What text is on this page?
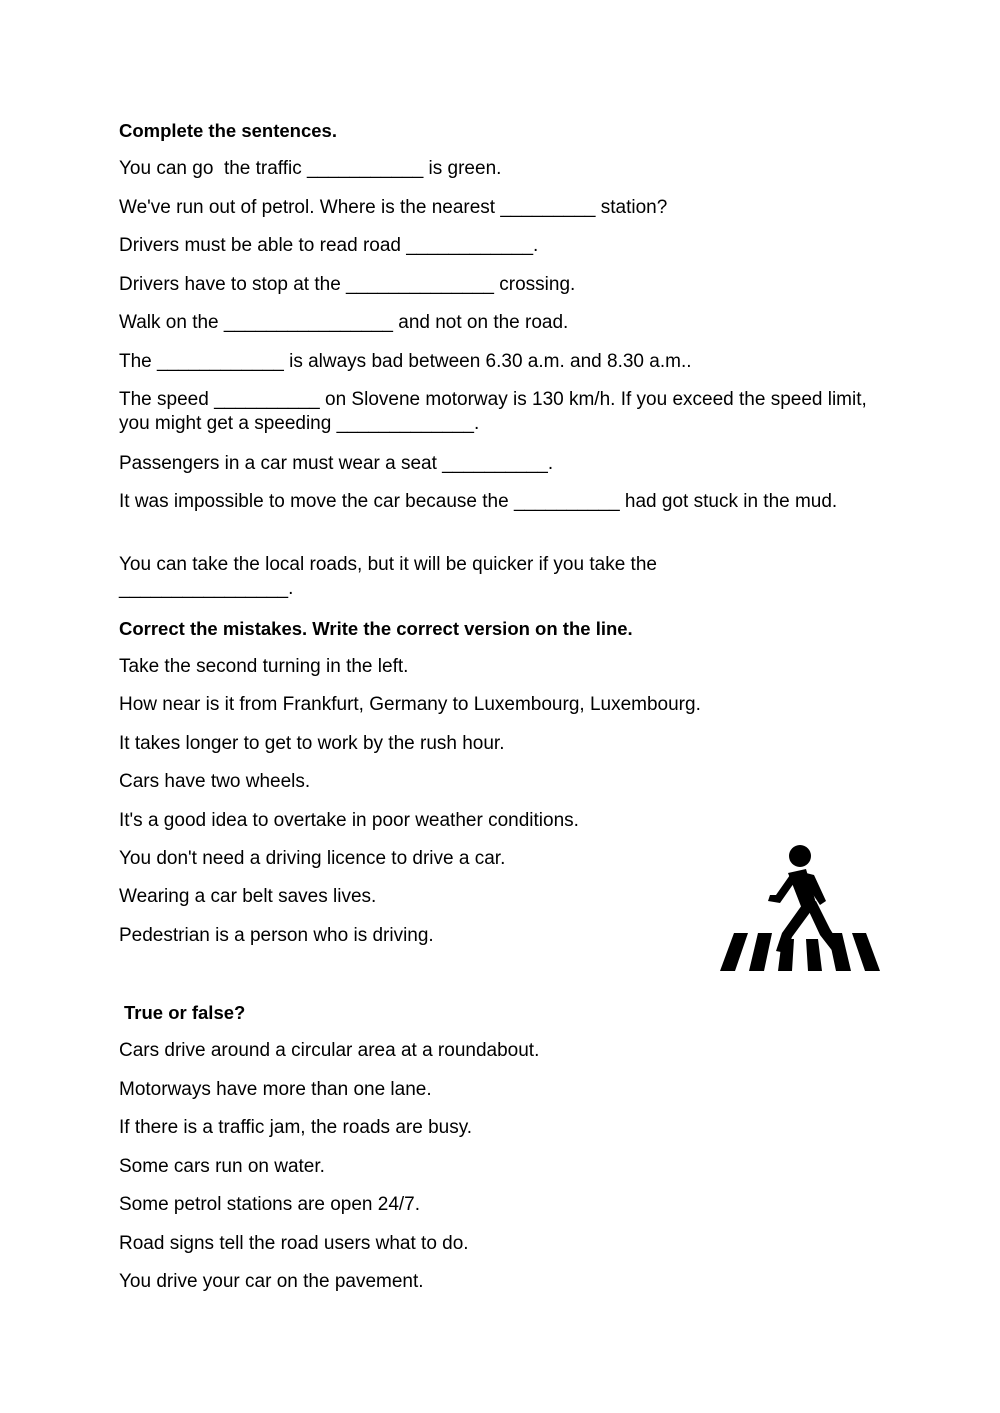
Complete the sentences.

You can go  the traffic ___________ is green.

We've run out of petrol. Where is the nearest _________ station?

Drivers must be able to read road ____________.

Drivers have to stop at the ______________ crossing.

Walk on the ________________ and not on the road.

The ____________ is always bad between 6.30 a.m. and 8.30 a.m..

The speed __________ on Slovene motorway is 130 km/h. If you exceed the speed limit, you might get a speeding _____________.

Passengers in a car must wear a seat __________.

It was impossible to move the car because the __________ had got stuck in the mud.

You can take the local roads, but it will be quicker if you take the ________________.

Correct the mistakes. Write the correct version on the line.

Take the second turning in the left.

How near is it from Frankfurt, Germany to Luxembourg, Luxembourg.

It takes longer to get to work by the rush hour.

Cars have two wheels.

It's a good idea to overtake in poor weather conditions.

You don't need a driving licence to drive a car.

Wearing a car belt saves lives.

Pedestrian is a person who is driving.

True or false?

Cars drive around a circular area at a roundabout.

Motorways have more than one lane.

If there is a traffic jam, the roads are busy.

Some cars run on water.

Some petrol stations are open 24/7.

Road signs tell the road users what to do.

You drive your car on the pavement.
